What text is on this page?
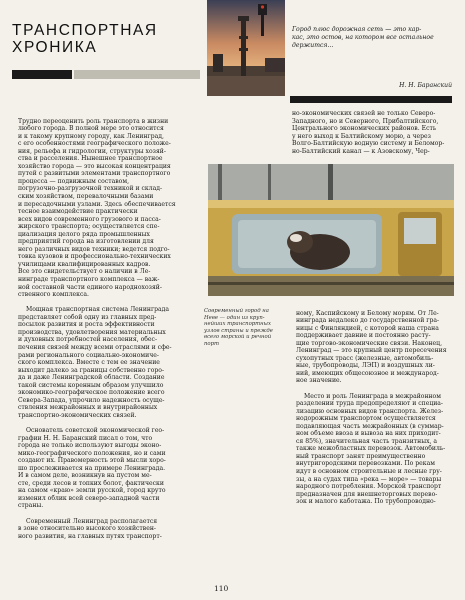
ТРАНСПОРТНАЯ
ХРОНИКА
Город плюс дорожная сеть — это кар-
кас, это остов, на котором все остальное
держится...
Н. Н. Баранский

Трудно переоценить роль транспорта в жизни
любого города. В полной мере это относится
и к такому крупному городу, как Ленинград,
с его особенностями географического положе-
ния, рельефа и гидрологии, структуры хозяй-
ства и расселения. Нынешнее транспортное
хозяйство города — это высокая концентрация
путей с развитыми элементами транспортного
процесса — подвижным составом,
погрузочно-разгрузочной техникой и склад-
ским хозяйством, перевалочными базами
и пересадочными узлами. Здесь обеспечивается
тесное взаимодействие практически
всех видов современного грузового и пасса-
жирского транспорта; осуществляется спе-
циализация целого ряда промышленных
предприятий города на изготовлении для
него различных видов техники; ведется подго-
товка кузовов и профессионально-технических
училищами квалифицированных кадров.
Все это свидетельствует о наличии в Ле-
нинграде транспортного комплекса — важ-
ной составной части единого народнохозяй-
ственного комплекса.

Мощная транспортная система Ленинграда
представляет собой одну из главных пред-
посылок развития и роста эффективности
производства, удовлетворения материальных
и духовных потребностей населения, обес-
печения связей между всеми отраслями и сфе-
рами регионального социально-экономиче-
ского комплекса. Вместе с тем ее значение
выходит далеко за границы собственно горо-
да и даже Ленинградской области. Создание
такой системы коренным образом улучшило
экономико-географическое положение всего
Севера-Запада, упрочило надежность осуще-
ствления межрайонных и внутрирайонных
транспортно-экономических связей.

Основатель советской экономической гео-
графии Н. Н. Баранский писал о том, что
города не только используют выгоды эконо-
мико-географического положения, но и сами
создают их. Правомерность этой мысли хоро-
шо прослеживается на примере Ленинграда.
И в самом деле, возникнув на пустом ме-
сте, среди лесов и топких болот, фактически
на самом «краю» земли русской, город круто
изменил облик всей северо-западной части
страны.

Современный Ленинград располагается
в зоне относительно высокого хозяйствен-
ного развития, на главных путях транспорт-

но-экономических связей не только Северо-
Западного, но и Северного, Прибалтийского,
Центрального экономических районов. Есть
у него выход к Балтийскому морю, а через
Волго-Балтийскую водную систему и Беломор-
но-Балтийский канал — к Азовскому, Чер-
Современный город на
Неве — один из круп-
нейших транспортных
узлов страны и прежде
всего морской и речной
порт

ному, Каспийскому и Белому морям. От Ле-
нинграда недалеко до государственной гра-
ницы с Финляндией, с которой наша страна
поддерживает давние и постоянно расту-
щие торгово-экономические связи. Наконец,
Ленинград — это крупный центр пересечения
сухопутных трасс (железные, автомобиль-
ные, трубопроводы, ЛЭП) и воздушных ли-
ний, имеющих общесоюзное и международ-
ное значение.

Место и роль Ленинграда в межрайонном
разделении труда предопределяют и специа-
лизацию основных видов транспорта. Желез-
нодорожным транспортом осуществляется
подавляющая часть межрайонных (в суммар-
ном объеме ввоза и вывоза на них приходит-
ся 85%), значительная часть транзитных, а
также межобластных перевозок. Автомобиль-
ный транспорт занят преимущественно
внутригородскими перевозками. По рекам
идут в основном строительные и лесные гру-
зы, а на судах типа «река — море» — товары
народного потребления. Морской транспорт
предназначен для внешнеторговых перево-
зок и малого каботажа. По трубопроводно-

110
